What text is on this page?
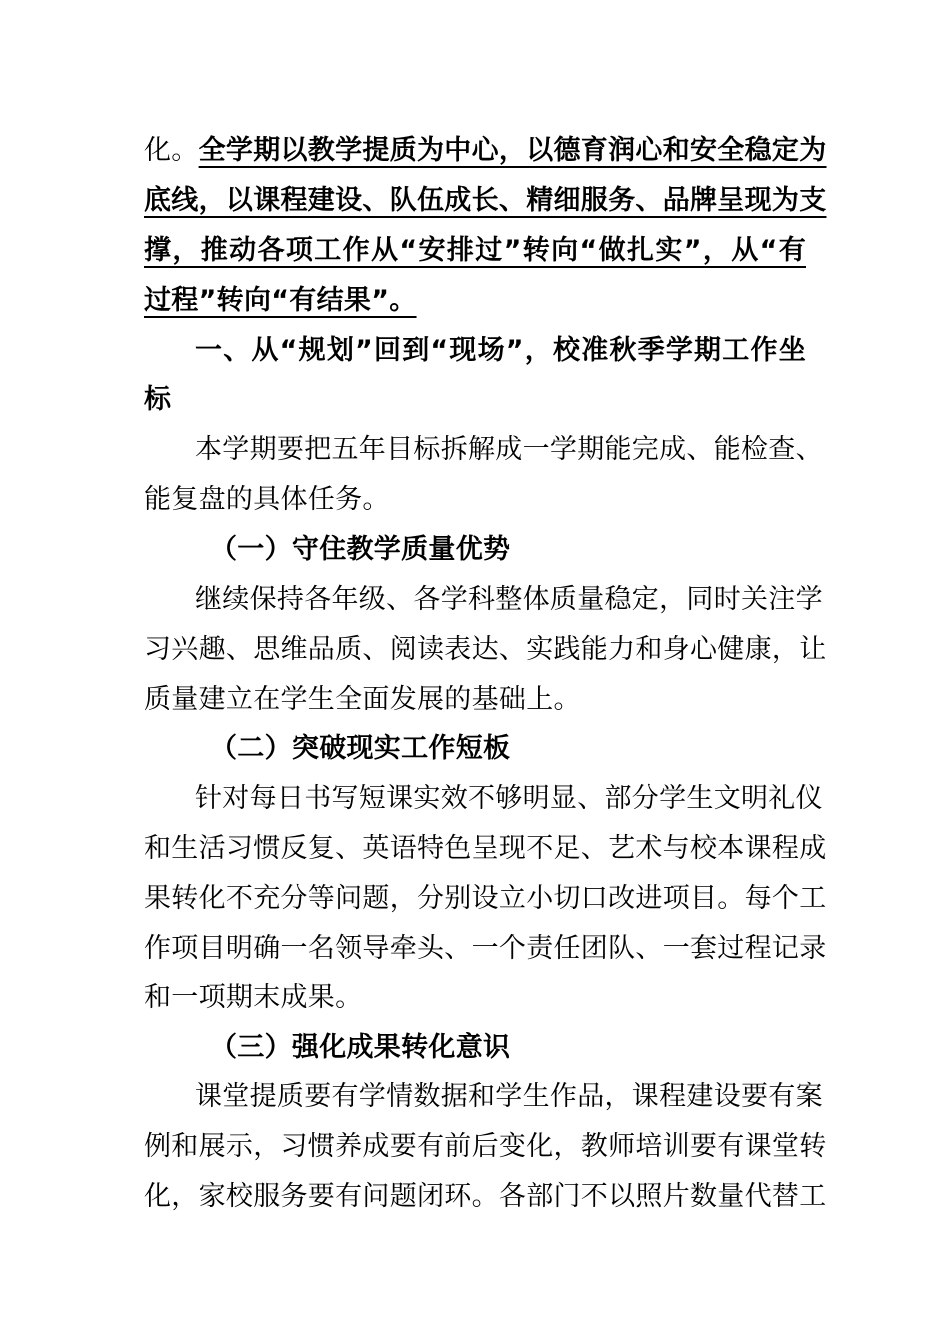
化。全学期以教学提质为中心，以德育润心和安全稳定为
底线，以课程建设、队伍成长、精细服务、品牌呈现为支
撑，推动各项工作从“安排过”转向“做扎实”，从“有
过程”转向“有结果”。
一、从“规划”回到“现场”，校准秋季学期工作坐
标
本学期要把五年目标拆解成一学期能完成、能检查、
能复盘的具体任务。
（一）守住教学质量优势
继续保持各年级、各学科整体质量稳定，同时关注学
习兴趣、思维品质、阅读表达、实践能力和身心健康，让
质量建立在学生全面发展的基础上。
（二）突破现实工作短板
针对每日书写短课实效不够明显、部分学生文明礼仪
和生活习惯反复、英语特色呈现不足、艺术与校本课程成
果转化不充分等问题，分别设立小切口改进项目。每个工
作项目明确一名领导牵头、一个责任团队、一套过程记录
和一项期末成果。
（三）强化成果转化意识
课堂提质要有学情数据和学生作品，课程建设要有案
例和展示，习惯养成要有前后变化，教师培训要有课堂转
化，家校服务要有问题闭环。各部门不以照片数量代替工
